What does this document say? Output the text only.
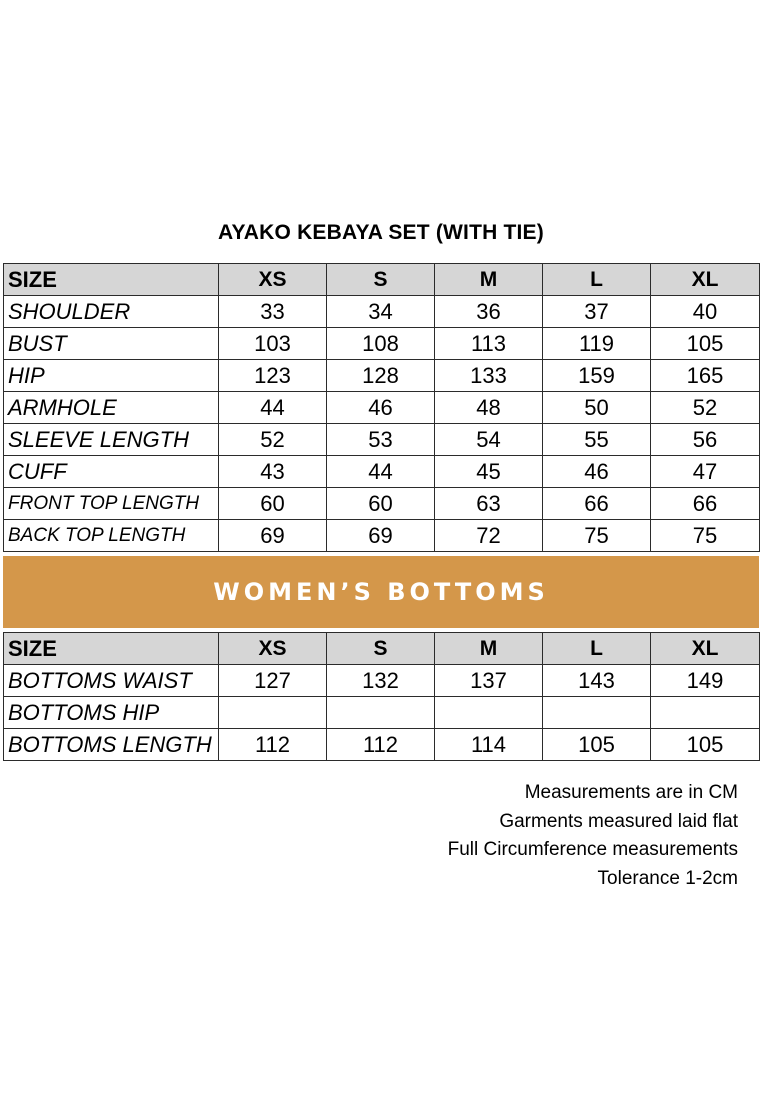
AYAKO KEBAYA SET (WITH TIE)
SIZE	XS	S	M	L	XL
SHOULDER	33	34	36	37	40
BUST	103	108	113	119	105
HIP	123	128	133	159	165
ARMHOLE	44	46	48	50	52
SLEEVE LENGTH	52	53	54	55	56
CUFF	43	44	45	46	47
FRONT TOP LENGTH	60	60	63	66	66
BACK TOP LENGTH	69	69	72	75	75
WOMEN’S BOTTOMS
SIZE	XS	S	M	L	XL
BOTTOMS WAIST	127	132	137	143	149
BOTTOMS HIP					
BOTTOMS LENGTH	112	112	114	105	105
Measurements are in CM
Garments measured laid flat
Full Circumference measurements
Tolerance 1-2cm
